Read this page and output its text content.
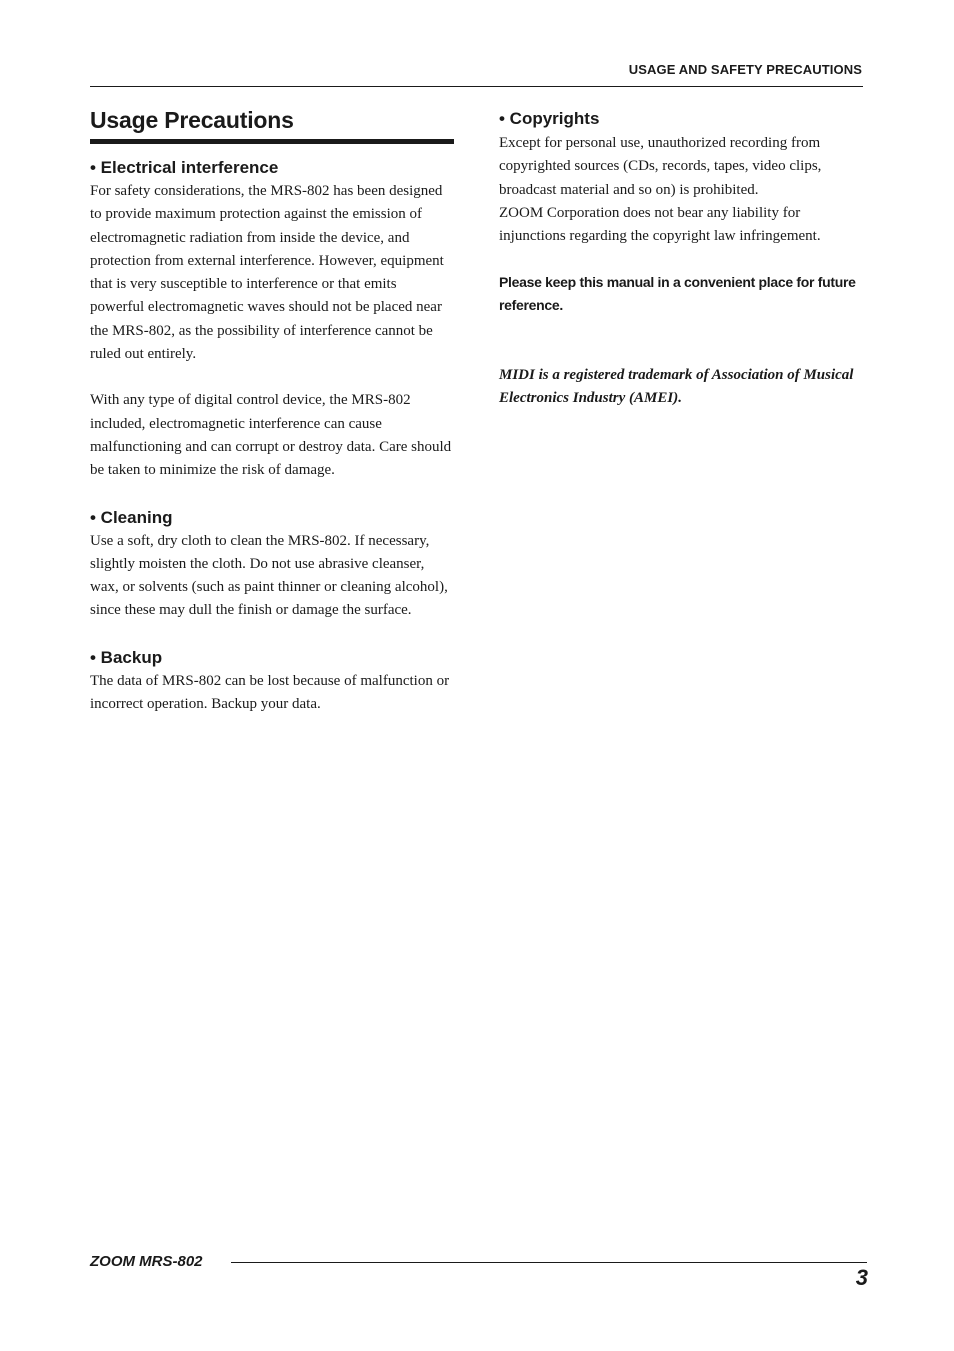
USAGE AND SAFETY PRECAUTIONS
Usage Precautions
• Electrical interference

For safety considerations, the MRS-802 has been designed to provide maximum protection against the emission of electromagnetic radiation from inside the device, and protection from external interference. However, equipment that is very susceptible to interference or that emits powerful electromagnetic waves should not be placed near the MRS-802, as the possibility of interference cannot be ruled out entirely.

With any type of digital control device, the MRS-802 included, electromagnetic interference can cause malfunctioning and can corrupt or destroy data. Care should be taken to minimize the risk of damage.

• Cleaning

Use a soft, dry cloth to clean the MRS-802. If necessary, slightly moisten the cloth. Do not use abrasive cleanser, wax, or solvents (such as paint thinner or cleaning alcohol), since these may dull the finish or damage the surface.

• Backup

The data of MRS-802 can be lost because of malfunction or incorrect operation. Backup your data.

• Copyrights

Except for personal use, unauthorized recording from copyrighted sources (CDs, records, tapes, video clips, broadcast material and so on) is prohibited.

ZOOM Corporation does not bear any liability for injunctions regarding the copyright law infringement.

Please keep this manual in a convenient place for future reference.

MIDI is a registered trademark of Association of Musical Electronics Industry (AMEI).

ZOOM MRS-802
3
